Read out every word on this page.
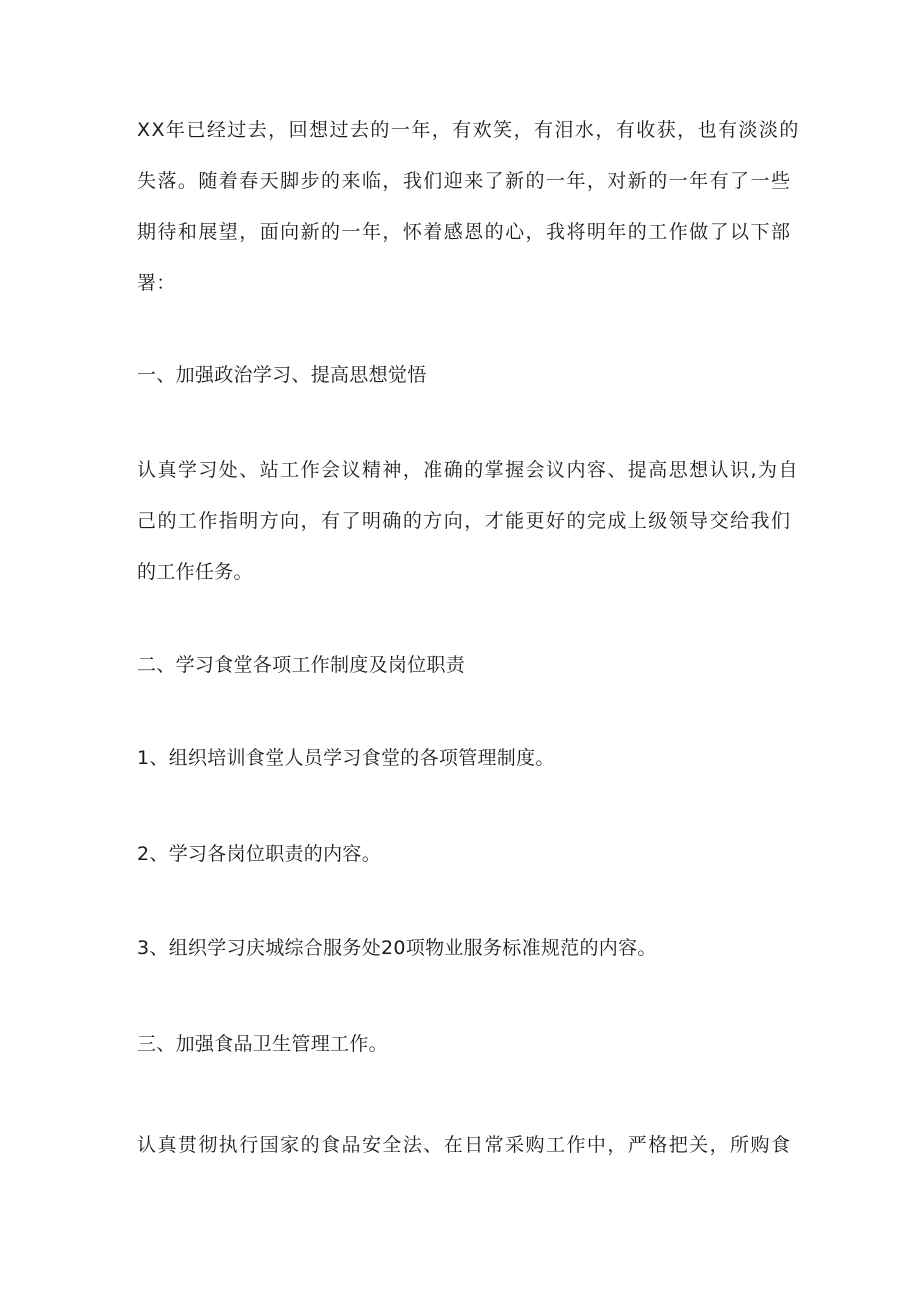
XX年已经过去，回想过去的一年，有欢笑，有泪水，有收获，也有淡淡的
失落。随着春天脚步的来临，我们迎来了新的一年，对新的一年有了一些
期待和展望，面向新的一年，怀着感恩的心，我将明年的工作做了以下部
署：
一、加强政治学习、提高思想觉悟
认真学习处、站工作会议精神，准确的掌握会议内容、提高思想认识,为自
己的工作指明方向，有了明确的方向，才能更好的完成上级领导交给我们
的工作任务。
二、学习食堂各项工作制度及岗位职责
1、组织培训食堂人员学习食堂的各项管理制度。
2、学习各岗位职责的内容。
3、组织学习庆城综合服务处20项物业服务标准规范的内容。
三、加强食品卫生管理工作。
认真贯彻执行国家的食品安全法、在日常采购工作中，严格把关，所购食
